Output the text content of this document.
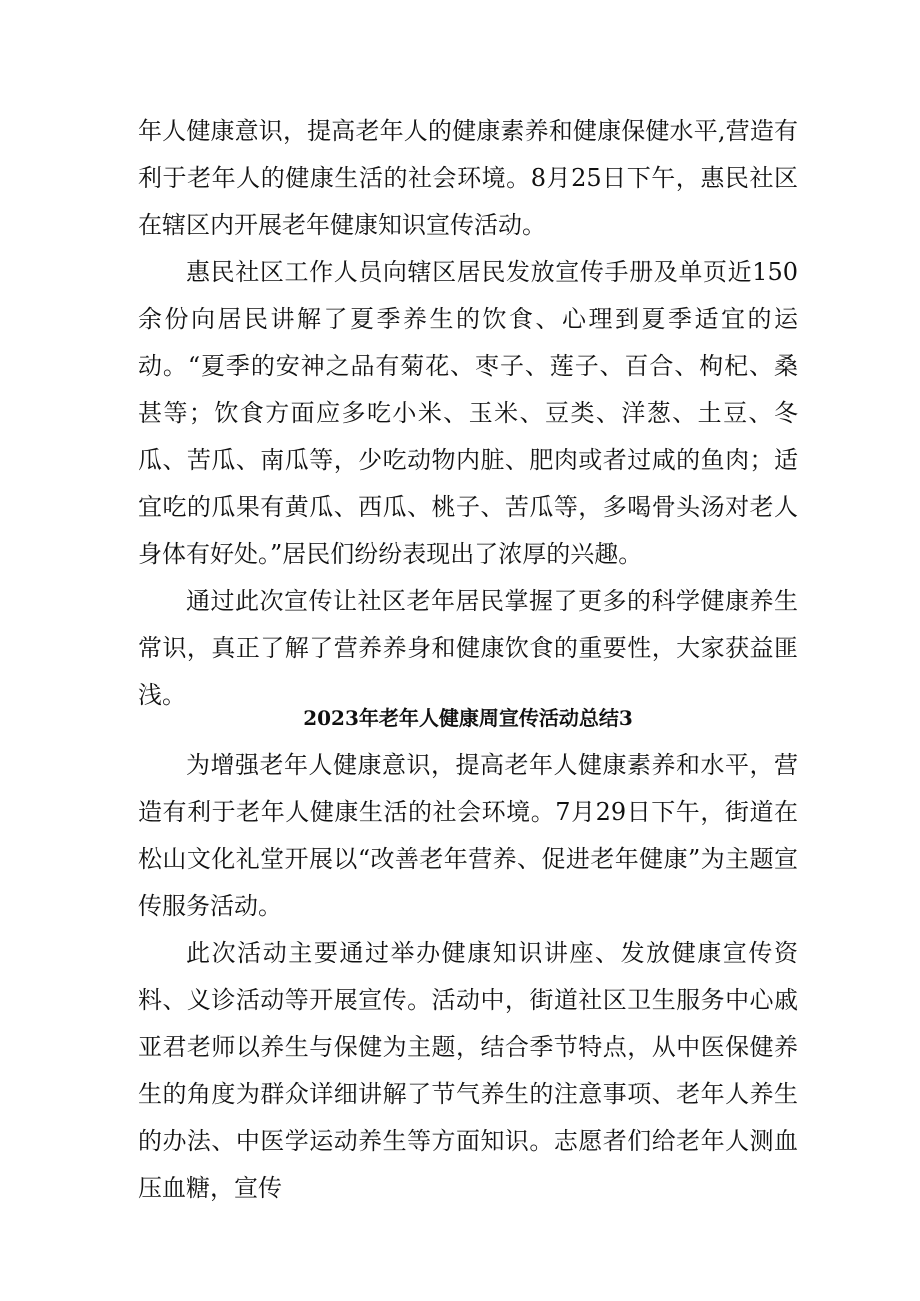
年人健康意识，提高老年人的健康素养和健康保健水平,营造有利于老年人的健康生活的社会环境。8月25日下午，惠民社区在辖区内开展老年健康知识宣传活动。

惠民社区工作人员向辖区居民发放宣传手册及单页近150余份向居民讲解了夏季养生的饮食、心理到夏季适宜的运动。“夏季的安神之品有菊花、枣子、莲子、百合、枸杞、桑甚等；饮食方面应多吃小米、玉米、豆类、洋葱、土豆、冬瓜、苦瓜、南瓜等，少吃动物内脏、肥肉或者过咸的鱼肉；适宜吃的瓜果有黄瓜、西瓜、桃子、苦瓜等，多喝骨头汤对老人身体有好处。”居民们纷纷表现出了浓厚的兴趣。

通过此次宣传让社区老年居民掌握了更多的科学健康养生常识，真正了解了营养养身和健康饮食的重要性，大家获益匪浅。

2023年老年人健康周宣传活动总结3

为增强老年人健康意识，提高老年人健康素养和水平，营造有利于老年人健康生活的社会环境。7月29日下午，街道在松山文化礼堂开展以“改善老年营养、促进老年健康”为主题宣传服务活动。

此次活动主要通过举办健康知识讲座、发放健康宣传资料、义诊活动等开展宣传。活动中，街道社区卫生服务中心戚亚君老师以养生与保健为主题，结合季节特点，从中医保健养生的角度为群众详细讲解了节气养生的注意事项、老年人养生的办法、中医学运动养生等方面知识。志愿者们给老年人测血压血糖，宣传
